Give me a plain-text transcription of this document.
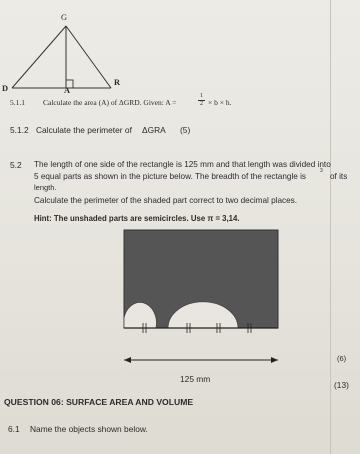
G
D	A
R
5.1.1 Calculate the area (A) of ΔGRD. Given: A =
1
2 × b × h.
5.1.2 Calculate the perimeter of ΔGRA (5)
5.2 The length of one side of the rectangle is 125 mm and that length was divided into
5 equal parts as shown in the picture below. The breadth of the rectangle is
3
of its
length.
Calculate the perimeter of the shaded part correct to two decimal places.
Hint: The unshaded parts are semicircles. Use π = 3,14.
125 mm
(6)
(13)
QUESTION 06: SURFACE AREA AND VOLUME
6.1 Name the objects shown below.
